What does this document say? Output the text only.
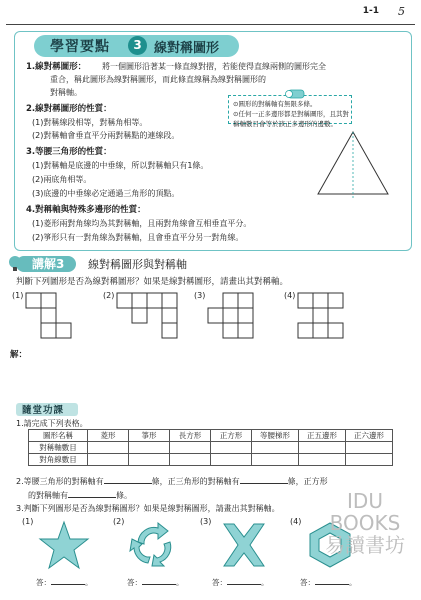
1-1 5
學習要點	3 線對稱圖形
1.線對稱圖形： 將一個圖形沿著某一條直線對摺，若能使得直線兩側的圖形完全
重合，稱此圖形為線對稱圖形，而此條直線稱為線對稱圖形的
對稱軸。
⊙圓形的對稱軸有無限多條。
⊙任何一正多邊形都是對稱圖形，且其對
稱軸數目會等於該正多邊形的邊數。
2.線對稱圖形的性質：
(1)對稱線段相等，對稱角相等。
(2)對稱軸會垂直平分兩對稱點的連線段。
3.等腰三角形的性質：
(1)對稱軸是底邊的中垂線，所以對稱軸只有1條。
(2)兩底角相等。
(3)底邊的中垂線必定通過三角形的頂點。
4.對稱軸與特殊多邊形的性質：
(1)菱形兩對角線均為其對稱軸，且兩對角線會互相垂直平分。
(2)箏形只有一對角線為對稱軸，且會垂直平分另一對角線。
講解3 線對稱圖形與對稱軸
判斷下列圖形是否為線對稱圖形？如果是線對稱圖形，請畫出其對稱軸。
(1)	(2)	(3)	(4)
解：
隨堂功課
1.請完成下列表格。
圖形名稱	菱形	箏形	長方形	正方形	等腰梯形	正五邊形	正六邊形
對稱軸數目							
對角線數目							
2.等腰三角形的對稱軸有	條，正三角形的對稱軸有	條，正方形
的對稱軸有	條。
3.判斷下列圖形是否為線對稱圖形？如果是線對稱圖形，請畫出其對稱軸。
(1)	(2)	(3)	(4)
答：	。	答：	。	答：	。	答：	。
IDU
BOOKS
易讀書坊
